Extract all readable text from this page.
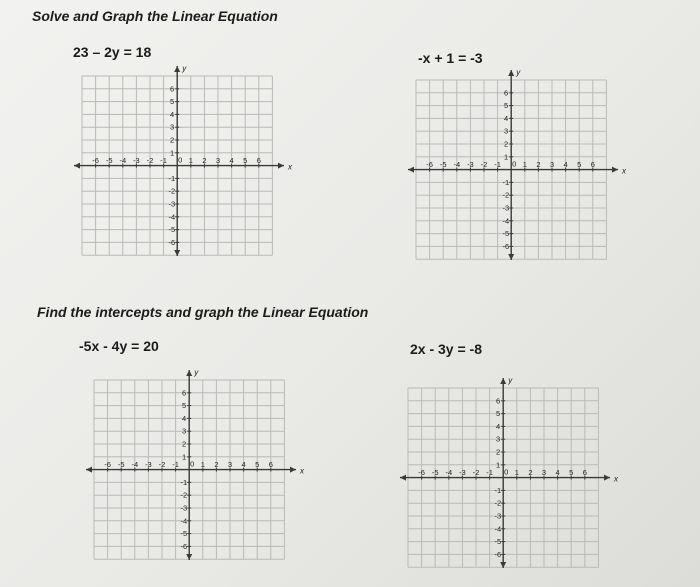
Solve and Graph the Linear Equation
23 – 2y = 18	-x + 1 = -3
y
x
-6 -5 -4 -3 -2 -1	1 2 3 4 5 6
6
5
4
3
2
1
-1
-2
-3
-4
-5
-6
0
y
x
-6 -5 -4 -3 -2 -1	1 2 3 4 5 6
6
5
4
3
2
1
-1
-2
-3
-4
-5
-6
0
Find the intercepts and graph the Linear Equation
-5x - 4y = 20	2x - 3y = -8
y
x
-6 -5 -4 -3 -2 -1	1 2 3 4 5 6
6
5
4
3
2
1
-1
-2
-3
-4
-5
-6
0
y
x
-6 -5 -4 -3 -2 -1	1 2 3 4 5 6
6
5
4
3
2
1
-1
-2
-3
-4
-5
-6
0
